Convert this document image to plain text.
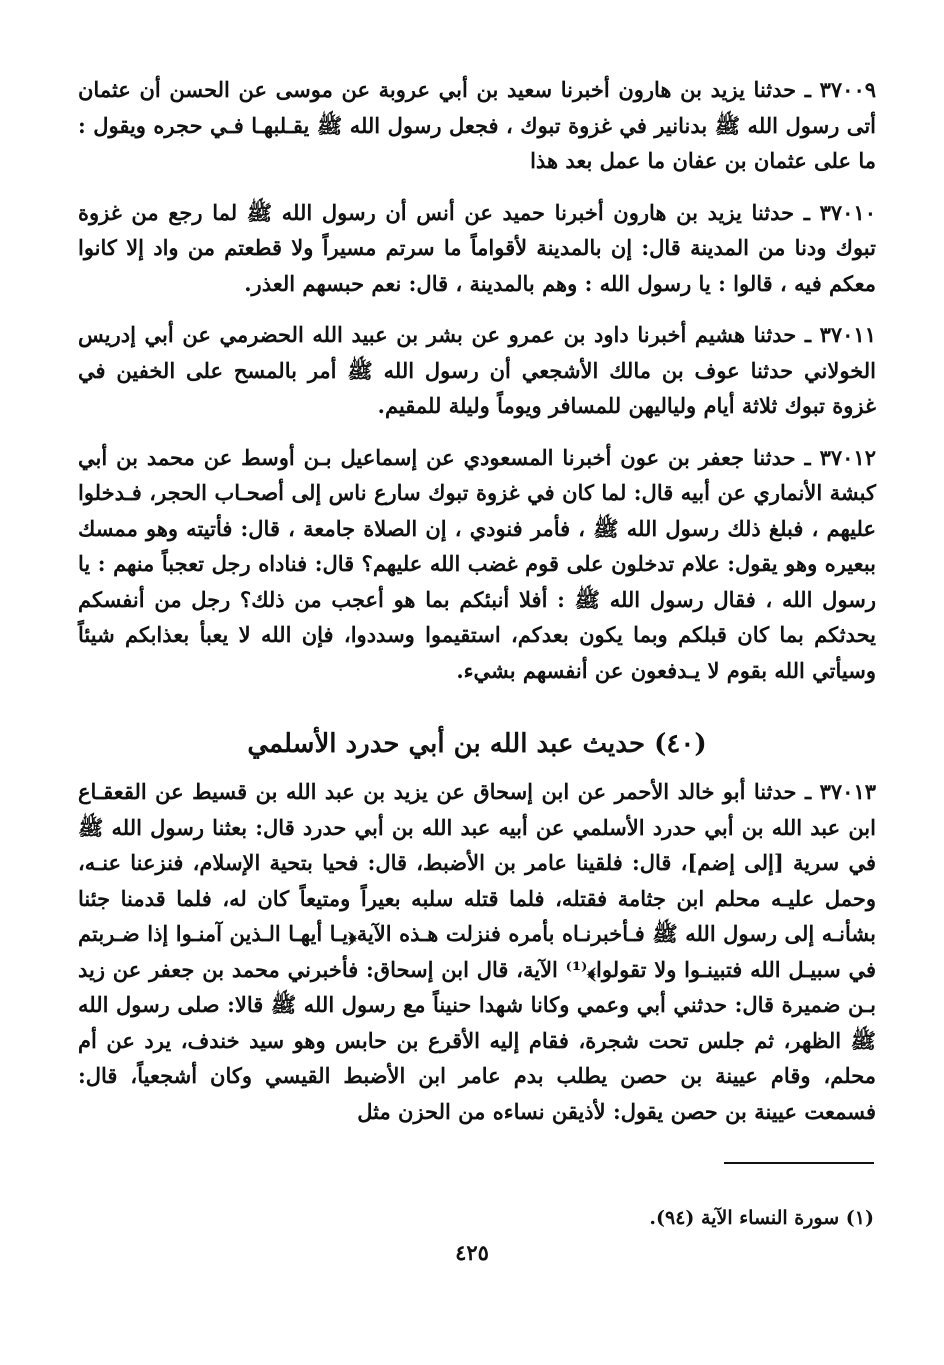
٣٧٠٠٩ ـ حدثنا يزيد بن هارون أخبرنا سعيد بن أبي عروبة عن موسى عن الحسن أن عثمان أتى رسول الله ﷺ بدنانير في غزوة تبوك ، فجعل رسول الله ﷺ يقـلبهـا فـي حجره ويقول : ما على عثمان بن عفان ما عمل بعد هذا

٣٧٠١٠ ـ حدثنا يزيد بن هارون أخبرنا حميد عن أنس أن رسول الله ﷺ لما رجع من غزوة تبوك ودنا من المدينة قال: إن بالمدينة لأقواماً ما سرتم مسيراً ولا قطعتم من واد إلا كانوا معكم فيه ، قالوا : يا رسول الله : وهم بالمدينة ، قال: نعم حبسهم العذر.

٣٧٠١١ ـ حدثنا هشيم أخبرنا داود بن عمرو عن بشر بن عبيد الله الحضرمي عن أبي إدريس الخولاني حدثنا عوف بن مالك الأشجعي أن رسول الله ﷺ أمر بالمسح على الخفين في غزوة تبوك ثلاثة أيام ولياليهن للمسافر ويوماً وليلة للمقيم.

٣٧٠١٢ ـ حدثنا جعفر بن عون أخبرنا المسعودي عن إسماعيل بـن أوسط عن محمد بن أبي كبشة الأنماري عن أبيه قال: لما كان في غزوة تبوك سارع ناس إلى أصحـاب الحجر، فـدخلوا عليهم ، فبلغ ذلك رسول الله ﷺ ، فأمر فنودي ، إن الصلاة جامعة ، قال: فأتيته وهو ممسك ببعيره وهو يقول: علام تدخلون على قوم غضب الله عليهم؟ قال: فناداه رجل تعجباً منهم : يا رسول الله ، فقال رسول الله ﷺ : أفلا أنبئكم بما هو أعجب من ذلك؟ رجل من أنفسكم يحدثكم بما كان قبلكم وبما يكون بعدكم، استقيموا وسددوا، فإن الله لا يعبأ بعذابكم شيئاً وسيأتي الله بقوم لا يـدفعون عن أنفسهم بشيء.

(٤٠) حديث عبد الله بن أبي حدرد الأسلمي

٣٧٠١٣ ـ حدثنا أبو خالد الأحمر عن ابن إسحاق عن يزيد بن عبد الله بن قسيط عن القعقـاع ابن عبد الله بن أبي حدرد الأسلمي عن أبيه عبد الله بن أبي حدرد قال: بعثنا رسول الله ﷺ في سرية [إلى إضم]، قال: فلقينا عامر بن الأضبط، قال: فحيا بتحية الإسلام، فنزعنا عنـه، وحمل عليـه محلم ابن جثامة فقتله، فلما قتله سلبه بعيراً ومتيعاً كان له، فلما قدمنا جئنا بشأنـه إلى رسول الله ﷺ فـأخبرنـاه بأمره فنزلت هـذه الآية﴿يـا أيهـا الـذين آمنـوا إذا ضـربتم في سبيـل الله فتبينـوا ولا تقولوا﴾⁽¹⁾ الآية، قال ابن إسحاق: فأخبرني محمد بن جعفر عن زيد بـن ضميرة قال: حدثني أبي وعمي وكانا شهدا حنيناً مع رسول الله ﷺ قالا: صلى رسول الله ﷺ الظهر، ثم جلس تحت شجرة، فقام إليه الأقرع بن حابس وهو سيد خندف، يرد عن أم محلم، وقام عيينة بن حصن يطلب بدم عامر ابن الأضبط القيسي وكان أشجعياً، قال: فسمعت عيينة بن حصن يقول: لأذيقن نساءه من الحزن مثل

(١) سورة النساء الآية (٩٤).
٤٢٥
